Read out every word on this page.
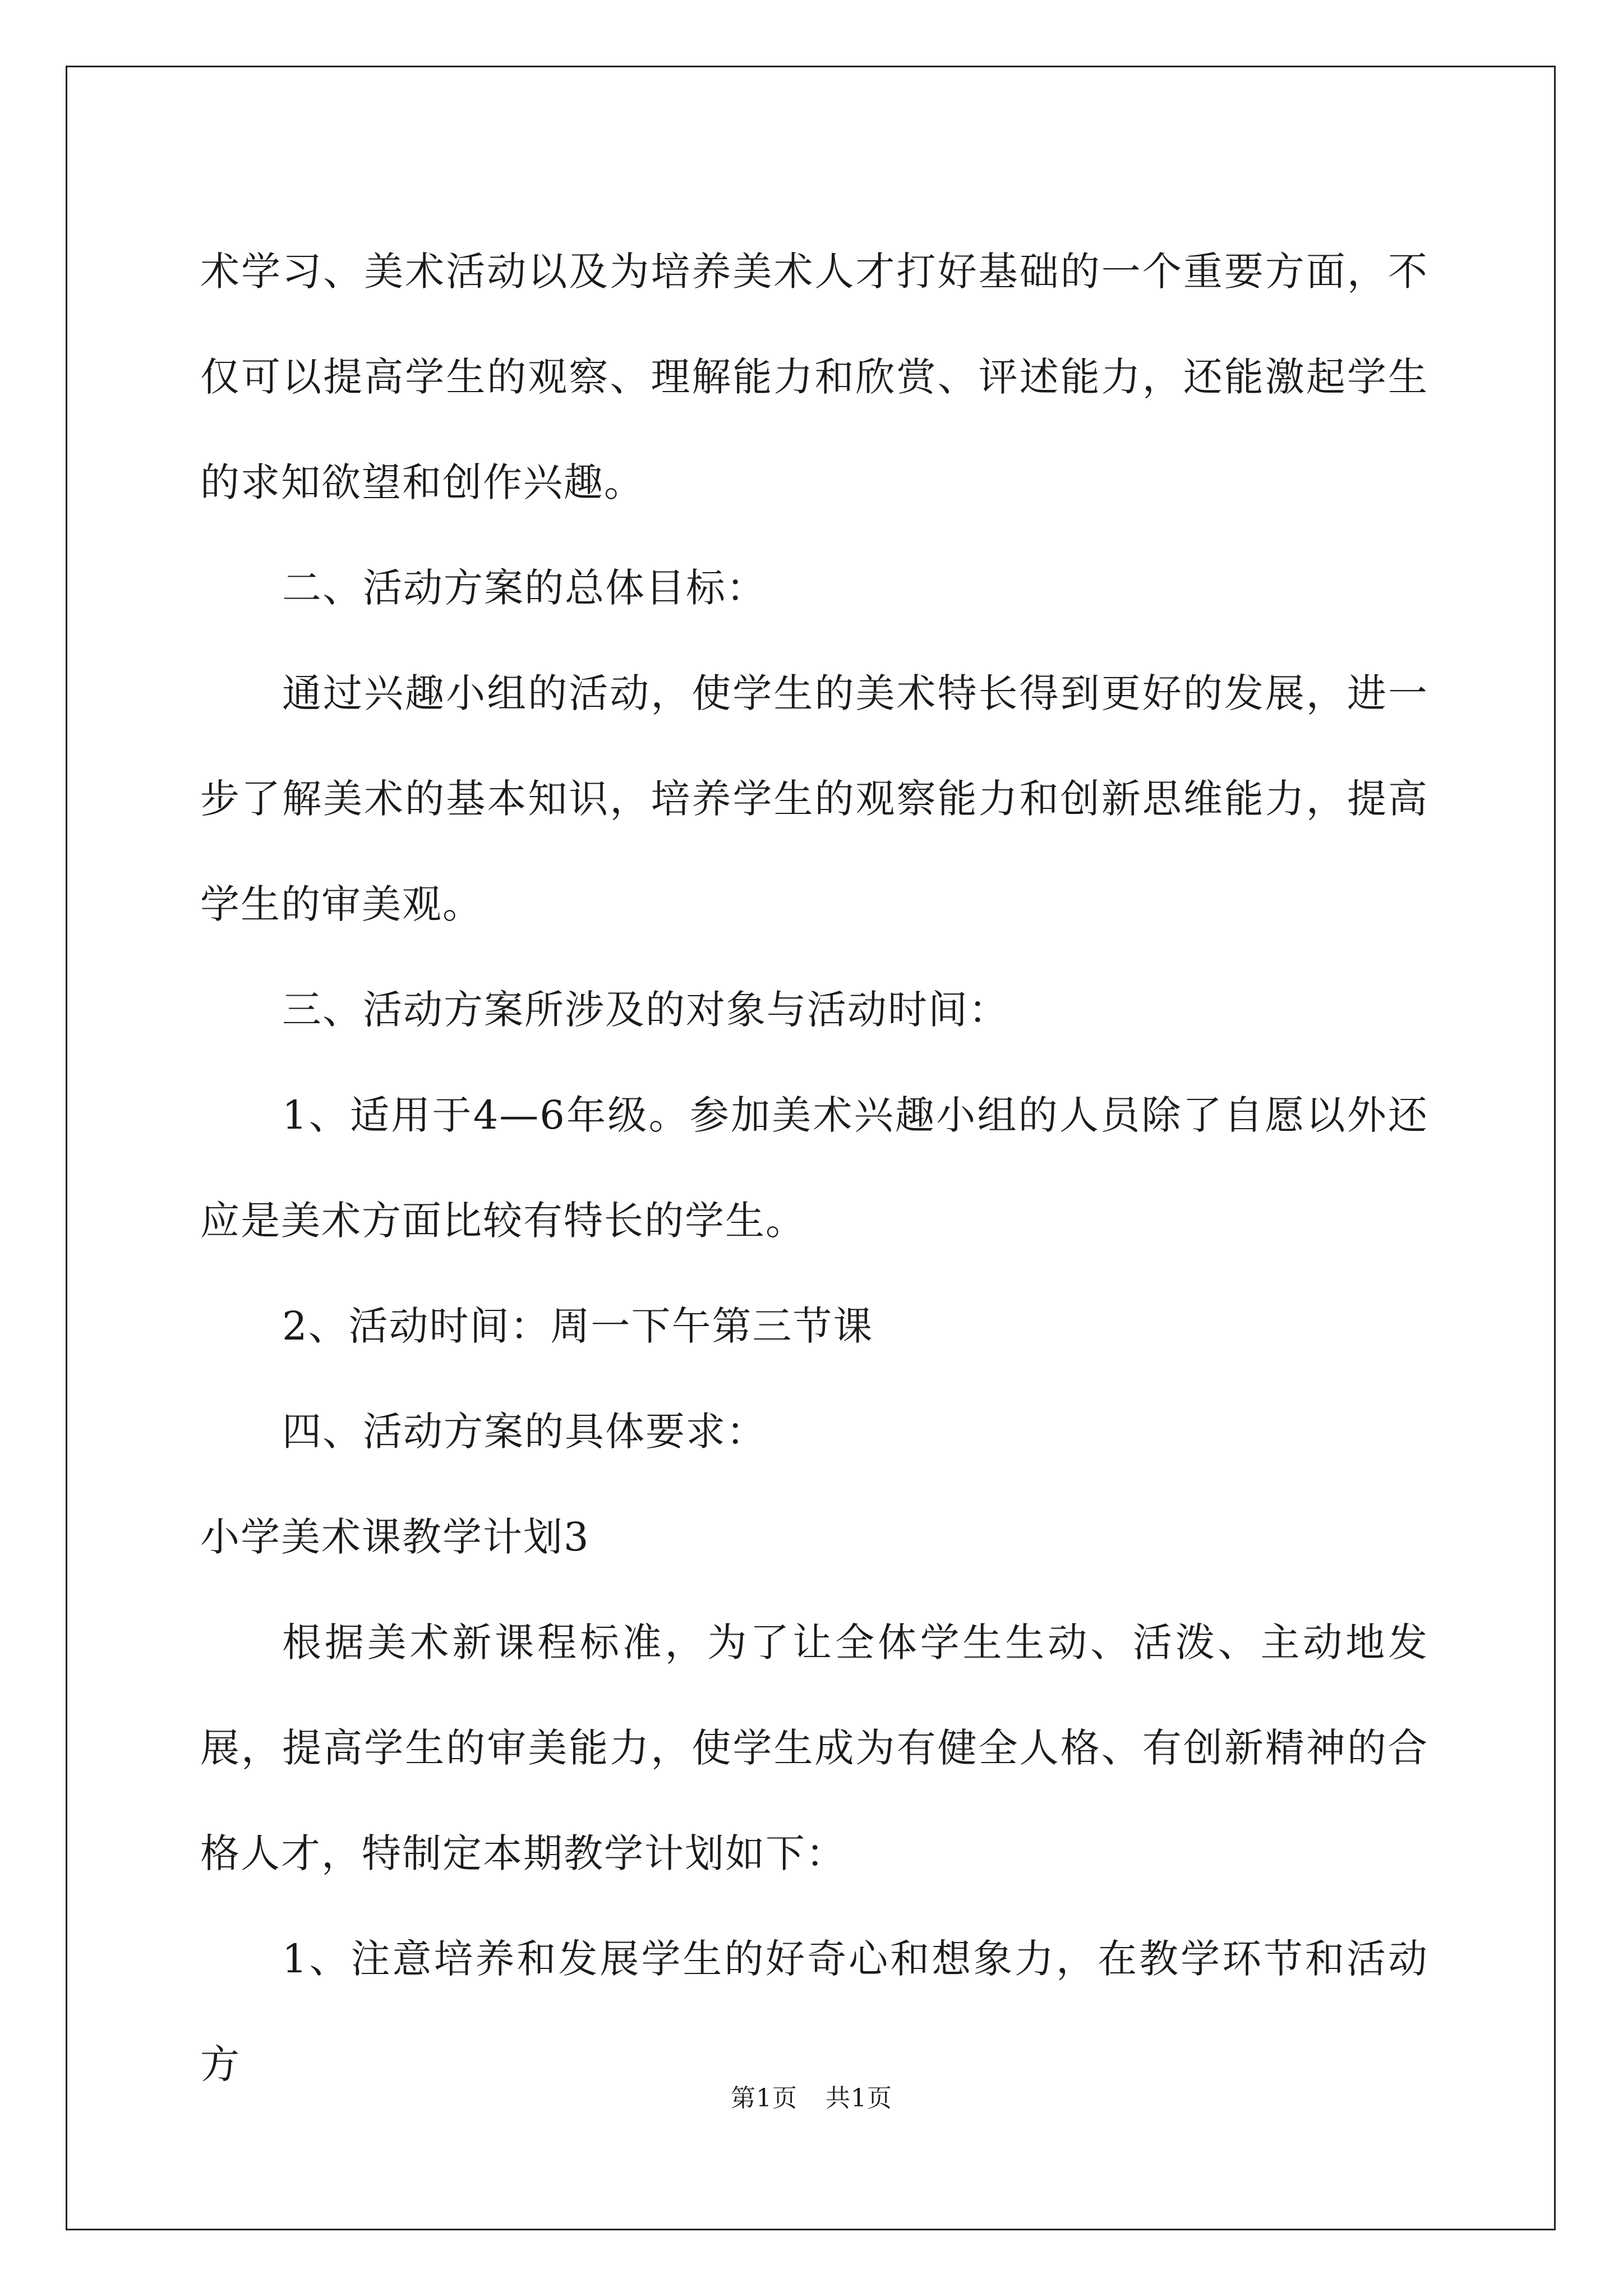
术学习、美术活动以及为培养美术人才打好基础的一个重要方面，不仅可以提高学生的观察、理解能力和欣赏、评述能力，还能激起学生的求知欲望和创作兴趣。

二、活动方案的总体目标：

通过兴趣小组的活动，使学生的美术特长得到更好的发展，进一步了解美术的基本知识，培养学生的观察能力和创新思维能力，提高学生的审美观。

三、活动方案所涉及的对象与活动时间：

1、适用于4—6年级。参加美术兴趣小组的人员除了自愿以外还应是美术方面比较有特长的学生。

2、活动时间：周一下午第三节课

四、活动方案的具体要求：

小学美术课教学计划3

根据美术新课程标准，为了让全体学生生动、活泼、主动地发展，提高学生的审美能力，使学生成为有健全人格、有创新精神的合格人才，特制定本期教学计划如下：

1、注意培养和发展学生的好奇心和想象力，在教学环节和活动方

第1页 共1页
